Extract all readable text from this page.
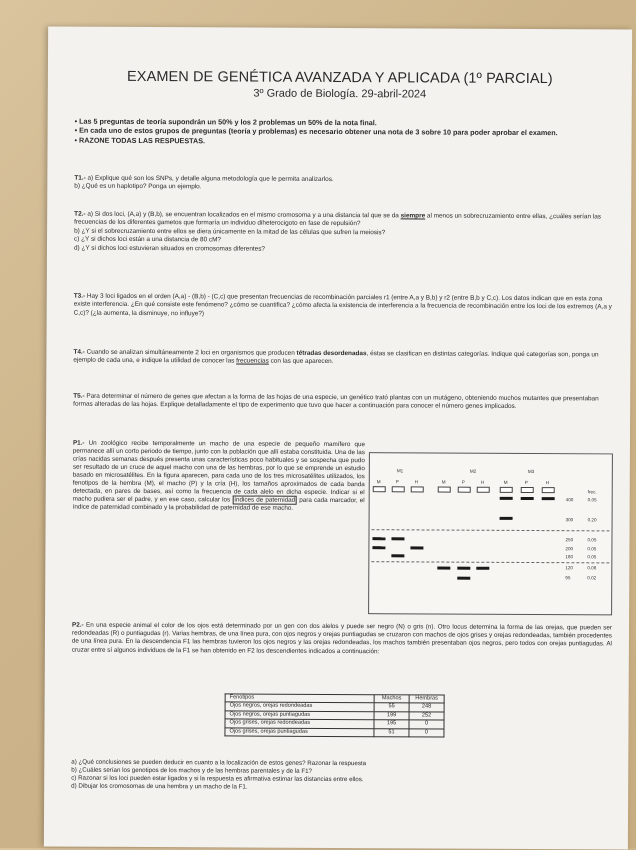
EXAMEN DE GENÉTICA AVANZADA Y APLICADA (1º PARCIAL)
3º Grado de Biología. 29-abril-2024
• Las 5 preguntas de teoría supondrán un 50% y los 2 problemas un 50% de la nota final.
• En cada uno de estos grupos de preguntas (teoría y problemas) es necesario obtener una nota de 3 sobre 10 para poder aprobar el examen.
• RAZONE TODAS LAS RESPUESTAS.
T1.- a) Explique qué son los SNPs, y detalle alguna metodología que le permita analizarlos.
b) ¿Qué es un haplotipo? Ponga un ejemplo.
T2.- a) Si dos loci, (A,a) y (B,b), se encuentran localizados en el mismo cromosoma y a una distancia tal que se da siempre al menos un sobrecruzamiento entre ellas, ¿cuáles serían las frecuencias de los diferentes gametos que formaría un individuo diheterocigoto en fase de repulsión?
b) ¿Y si el sobrecruzamiento entre ellos se diera únicamente en la mitad de las células que sufren la meiosis?
c) ¿Y si dichos loci están a una distancia de 80 cM?
d) ¿Y si dichos loci estuvieran situados en cromosomas diferentes?
T3.- Hay 3 loci ligados en el orden (A,a) - (B,b) - (C,c) que presentan frecuencias de recombinación parciales r1 (entre A,a y B,b) y r2 (entre B,b y C,c). Los datos indican que en esta zona existe interferencia. ¿En qué consiste este fenómeno? ¿cómo se cuantifica? ¿cómo afecta la existencia de interferencia a la frecuencia de recombinación entre los loci de los extremos (A,a y C,c)? (¿la aumenta, la disminuye, no influye?)
T4.- Cuando se analizan simultáneamente 2 loci en organismos que producen tétradas desordenadas, éstas se clasifican en distintas categorías. Indique qué categorías son, ponga un ejemplo de cada una, e indique la utilidad de conocer las frecuencias con las que aparecen.
T5.- Para determinar el número de genes que afectan a la forma de las hojas de una especie, un genético trató plantas con un mutágeno, obteniendo muchos mutantes que presentaban formas alteradas de las hojas. Explique detalladamente el tipo de experimento que tuvo que hacer a continuación para conocer el número genes implicados.
P1.- Un zoológico recibe temporalmente un macho de una especie de pequeño mamífero que permanece allí un corto periodo de tiempo, junto con la población que allí estaba constituida. Una de las crías nacidas semanas después presenta unas características poco habituales y se sospecha que pudo ser resultado de un cruce de aquel macho con una de las hembras, por lo que se emprende un estudio basado en microsatélites. En la figura aparecen, para cada uno de los tres microsatélites utilizados, los fenotipos de la hembra (M), el macho (P) y la cría (H), los tamaños aproximados de cada banda detectada, en pares de bases, así como la frecuencia de cada alelo en dicha especie. Indicar si el macho pudiera ser el padre, y en ese caso, calcular los índices de paternidad para cada marcador, el índice de paternidad combinado y la probabilidad de paternidad de ese macho.
M1	M2	M3
M	P	H	M	P	H	M	P	H
frec.
400	0.05
300	0.20
250	0.05
200	0.05
180	0.05
120	0.08
95	0.02
P2.- En una especie animal el color de los ojos está determinado por un gen con dos alelos y puede ser negro (N) o gris (n). Otro locus determina la forma de las orejas, que pueden ser redondeadas (R) o puntiagudas (r). Varias hembras, de una línea pura, con ojos negros y orejas puntiagudas se cruzaron con machos de ojos grises y orejas redondeadas, también procedentes de una línea pura. En la descendencia F1 las hembras tuvieron los ojos negros y las orejas redondeadas, los machos también presentaban ojos negros, pero todos con orejas puntiagudas. Al cruzar entre sí algunos individuos de la F1 se han obtenido en F2 los descendientes indicados a continuación:
Fenotipos	Machos	Hembras
Ojos negros, orejas redondeadas	55	248
Ojos negros, orejas puntiagudas	199	252
Ojos grises, orejas redondeadas	195	0
Ojos grises, orejas puntiagudas	51	0
a) ¿Qué conclusiones se pueden deducir en cuanto a la localización de estos genes? Razonar la respuesta
b) ¿Cuáles serían los genotipos de los machos y de las hembras parentales y de la F1?
c) Razonar si los loci pueden estar ligados y si la respuesta es afirmativa estimar las distancias entre ellos.
d) Dibujar los cromosomas de una hembra y un macho de la F1.
